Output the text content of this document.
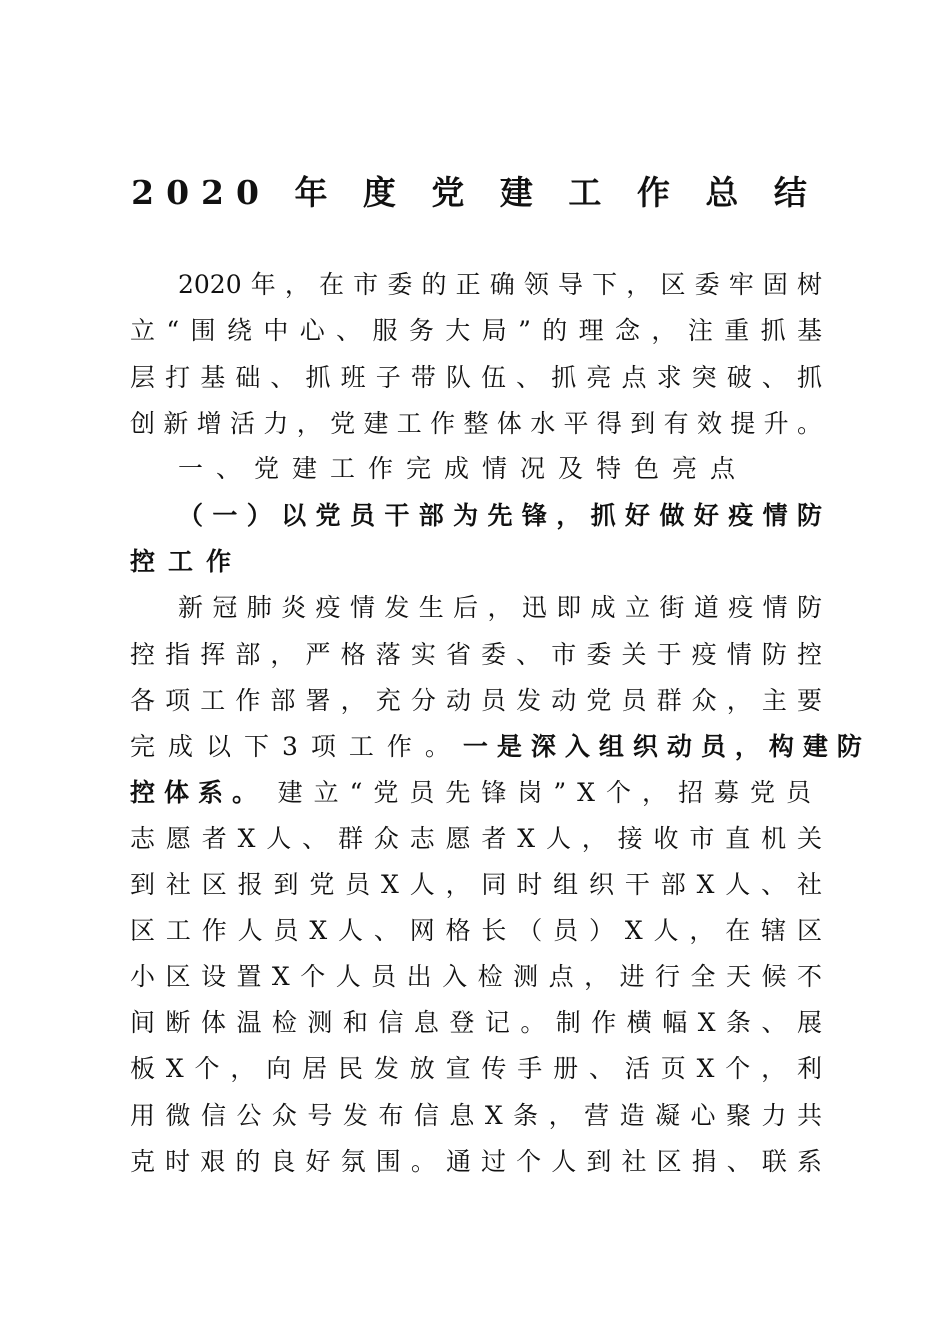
2020 年 度 党 建 工 作 总 结
2020年，在市委的正确领导下，区委牢固树
立“围绕中心、服务大局”的理念，注重抓基
层打基础、抓班子带队伍、抓亮点求突破、抓
创新增活力，党建工作整体水平得到有效提升。
一、党建工作完成情况及特色亮点
（一）以党员干部为先锋，抓好做好疫情防
控工作
新冠肺炎疫情发生后，迅即成立街道疫情防
控指挥部，严格落实省委、市委关于疫情防控
各项工作部署，充分动员发动党员群众，主要
完成以下3项工作。 一是深入组织动员，构建防
控体系。 建立“党员先锋岗”X个，招募党员
志愿者X人、群众志愿者X人，接收市直机关
到社区报到党员X人，同时组织干部X人、社
区工作人员X人、网格长（员）X人，在辖区
小区设置X个人员出入检测点，进行全天候不
间断体温检测和信息登记。制作横幅X条、展
板X个，向居民发放宣传手册、活页X个，利
用微信公众号发布信息X条，营造凝心聚力共
克时艰的良好氛围。通过个人到社区捐、联系
